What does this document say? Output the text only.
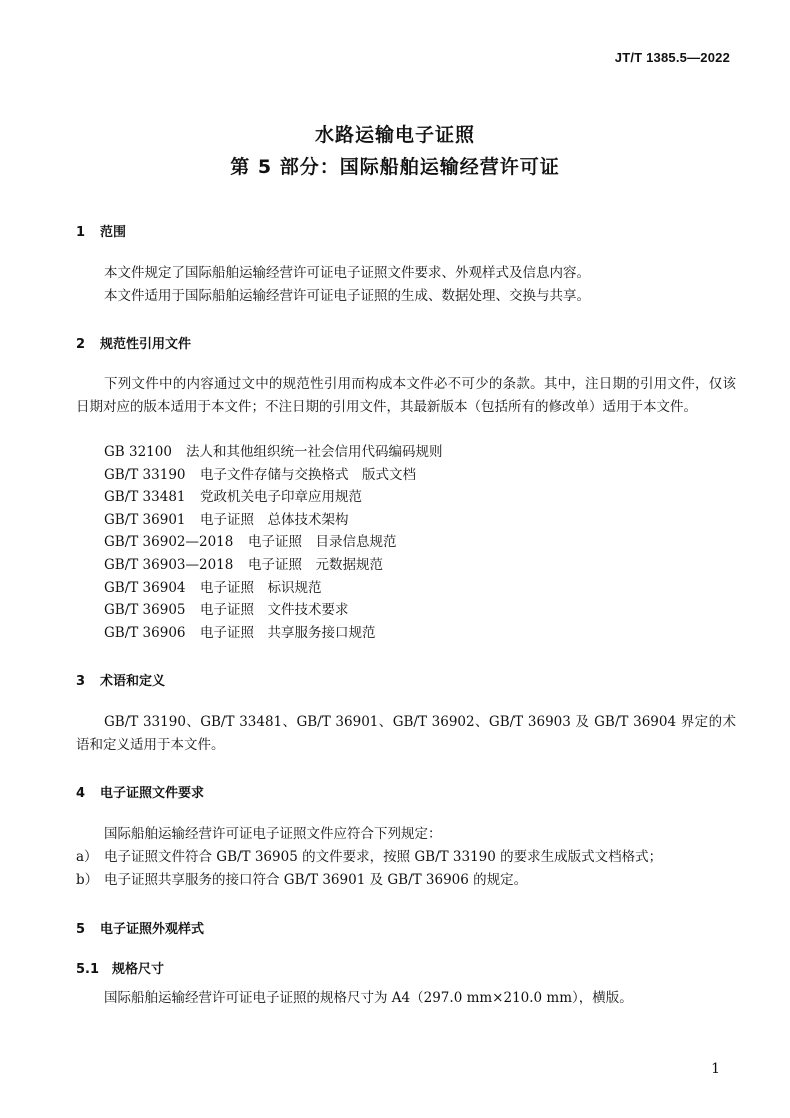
JT/T 1385.5—2022
水路运输电子证照
第 5 部分：国际船舶运输经营许可证
1 范围
本文件规定了国际船舶运输经营许可证电子证照文件要求、外观样式及信息内容。
本文件适用于国际船舶运输经营许可证电子证照的生成、数据处理、交换与共享。
2 规范性引用文件
下列文件中的内容通过文中的规范性引用而构成本文件必不可少的条款。其中，注日期的引用文件，仅该日期对应的版本适用于本文件；不注日期的引用文件，其最新版本（包括所有的修改单）适用于本文件。
GB 32100 法人和其他组织统一社会信用代码编码规则
GB/T 33190 电子文件存储与交换格式　版式文档
GB/T 33481 党政机关电子印章应用规范
GB/T 36901 电子证照　总体技术架构
GB/T 36902—2018 电子证照　目录信息规范
GB/T 36903—2018 电子证照　元数据规范
GB/T 36904 电子证照　标识规范
GB/T 36905 电子证照　文件技术要求
GB/T 36906 电子证照　共享服务接口规范
3 术语和定义
GB/T 33190、GB/T 33481、GB/T 36901、GB/T 36902、GB/T 36903 及 GB/T 36904 界定的术语和定义适用于本文件。
4 电子证照文件要求
国际船舶运输经营许可证电子证照文件应符合下列规定：
a） 电子证照文件符合 GB/T 36905 的文件要求，按照 GB/T 33190 的要求生成版式文档格式；
b） 电子证照共享服务的接口符合 GB/T 36901 及 GB/T 36906 的规定。
5 电子证照外观样式
5.1 规格尺寸
国际船舶运输经营许可证电子证照的规格尺寸为 A4（297.0 mm×210.0 mm），横版。
1
